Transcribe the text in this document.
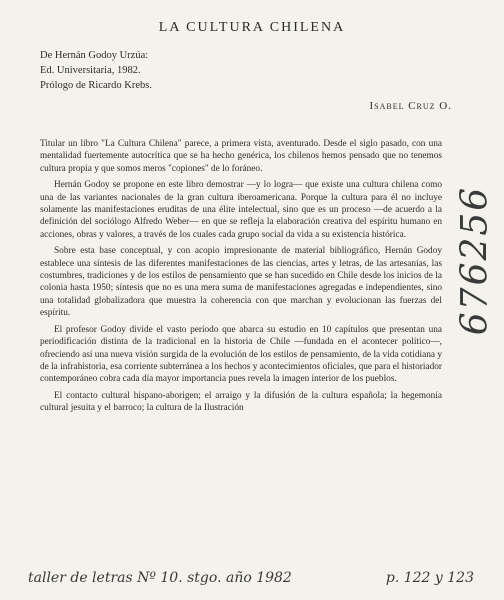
LA CULTURA CHILENA
De Hernán Godoy Urzúa:
Ed. Universitaria, 1982.
Prólogo de Ricardo Krebs.
Isabel Cruz O.

Titular un libro "La Cultura Chilena" parece, a primera vista, aventurado. Desde el siglo pasado, con una mentalidad fuertemente autocrítica que se ha hecho genérica, los chilenos hemos pensado que no tenemos cultura propia y que somos meros "copiones" de lo foráneo.

Hernán Godoy se propone en este libro demostrar —y lo logra— que existe una cultura chilena como una de las variantes nacionales de la gran cultura iberoamericana. Porque la cultura para él no incluye solamente las manifestaciones eruditas de una élite intelectual, sino que es un proceso —de acuerdo a la definición del sociólogo Alfredo Weber— en que se refleja la elaboración creativa del espíritu humano en acciones, obras y valores, a través de los cuales cada grupo social da vida a su existencia histórica.

Sobre esta base conceptual, y con acopio impresionante de material bibliográfico, Hernán Godoy establece una síntesis de las diferentes manifestaciones de las ciencias, artes y letras, de las artesanías, las costumbres, tradiciones y de los estilos de pensamiento que se han sucedido en Chile desde los inicios de la colonia hasta 1950; síntesis que no es una mera suma de manifestaciones agregadas e independientes, sino una totalidad globalizadora que muestra la coherencia con que marchan y evolucionan las fuerzas del espíritu.

El profesor Godoy divide el vasto período que abarca su estudio en 10 capítulos que presentan una periodificación distinta de la tradicional en la historia de Chile —fundada en el acontecer político—, ofreciendo así una nueva visión surgida de la evolución de los estilos de pensamiento, de la vida cotidiana y de la infrahistoria, esa corriente subterránea a los hechos y acontecimientos oficiales, que para el historiador contemporáneo cobra cada día mayor importancia pues revela la imagen interior de los pueblos.

El contacto cultural hispano-aborigen; el arraigo y la difusión de la cultura española; la hegemonía cultural jesuita y el barroco; la cultura de la Ilustración

676256
taller de letras Nº 10. stgo. año 1982	p. 122 y 123
